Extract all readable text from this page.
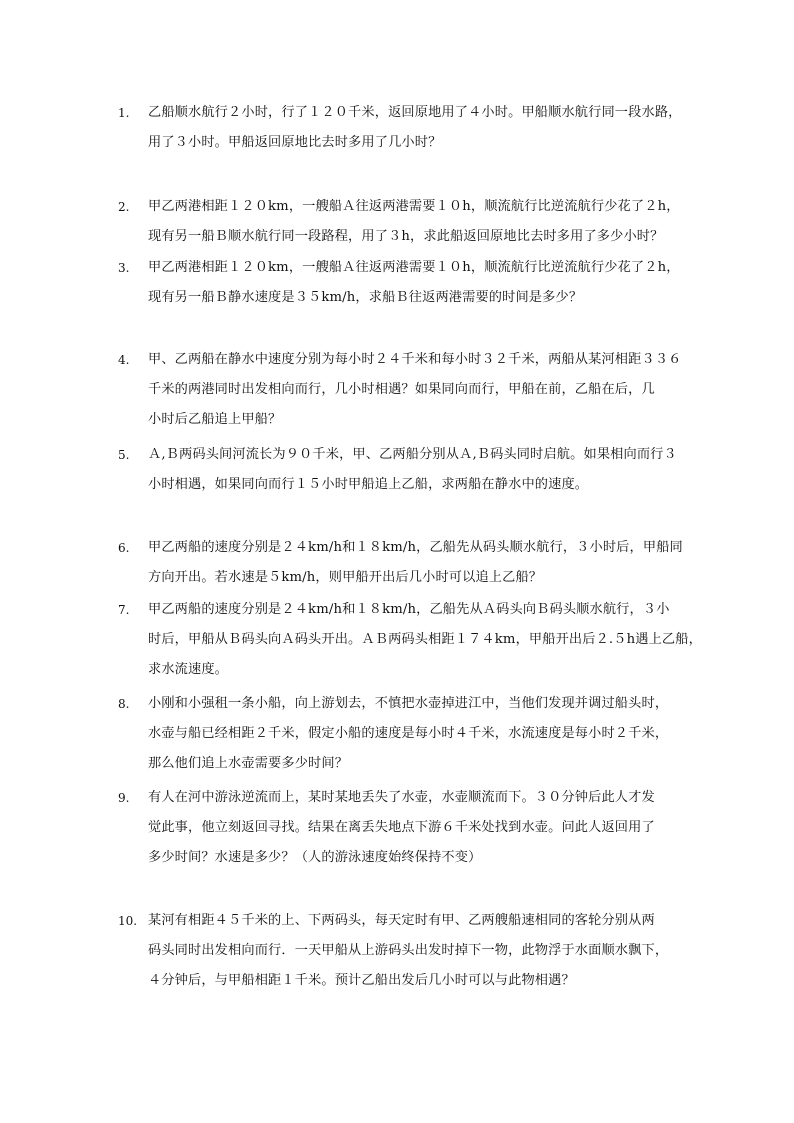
1.	乙船顺水航行２小时，行了１２０千米，返回原地用了４小时。甲船顺水航行同一段水路，
用了３小时。甲船返回原地比去时多用了几小时？
2.	甲乙两港相距１２０km，一艘船Ａ往返两港需要１０h，顺流航行比逆流航行少花了２h，
现有另一船Ｂ顺水航行同一段路程，用了３h，求此船返回原地比去时多用了多少小时？
3.	甲乙两港相距１２０km，一艘船Ａ往返两港需要１０h，顺流航行比逆流航行少花了２h，
现有另一船Ｂ静水速度是３５km/h，求船Ｂ往返两港需要的时间是多少？
4.	甲、乙两船在静水中速度分别为每小时２４千米和每小时３２千米，两船从某河相距３３６
千米的两港同时出发相向而行，几小时相遇？如果同向而行，甲船在前，乙船在后，几
小时后乙船追上甲船？
5.	Ａ,Ｂ两码头间河流长为９０千米，甲、乙两船分别从Ａ,Ｂ码头同时启航。如果相向而行３
小时相遇，如果同向而行１５小时甲船追上乙船，求两船在静水中的速度。
6.	甲乙两船的速度分别是２４km/h和１８km/h，乙船先从码头顺水航行，３小时后，甲船同
方向开出。若水速是５km/h，则甲船开出后几小时可以追上乙船？
7.	甲乙两船的速度分别是２４km/h和１８km/h，乙船先从Ａ码头向Ｂ码头顺水航行，３小
时后，甲船从Ｂ码头向Ａ码头开出。ＡＢ两码头相距１７４km，甲船开出后２.５h遇上乙船，
求水流速度。
8.	小刚和小强租一条小船，向上游划去，不慎把水壶掉进江中，当他们发现并调过船头时，
水壶与船已经相距２千米，假定小船的速度是每小时４千米，水流速度是每小时２千米，
那么他们追上水壶需要多少时间？
9.	有人在河中游泳逆流而上，某时某地丢失了水壶，水壶顺流而下。３０分钟后此人才发
觉此事，他立刻返回寻找。结果在离丢失地点下游６千米处找到水壶。问此人返回用了
多少时间？水速是多少？（人的游泳速度始终保持不变）
10. 某河有相距４５千米的上、下两码头，每天定时有甲、乙两艘船速相同的客轮分别从两
码头同时出发相向而行．一天甲船从上游码头出发时掉下一物，此物浮于水面顺水飘下，
４分钟后，与甲船相距１千米。预计乙船出发后几小时可以与此物相遇？
